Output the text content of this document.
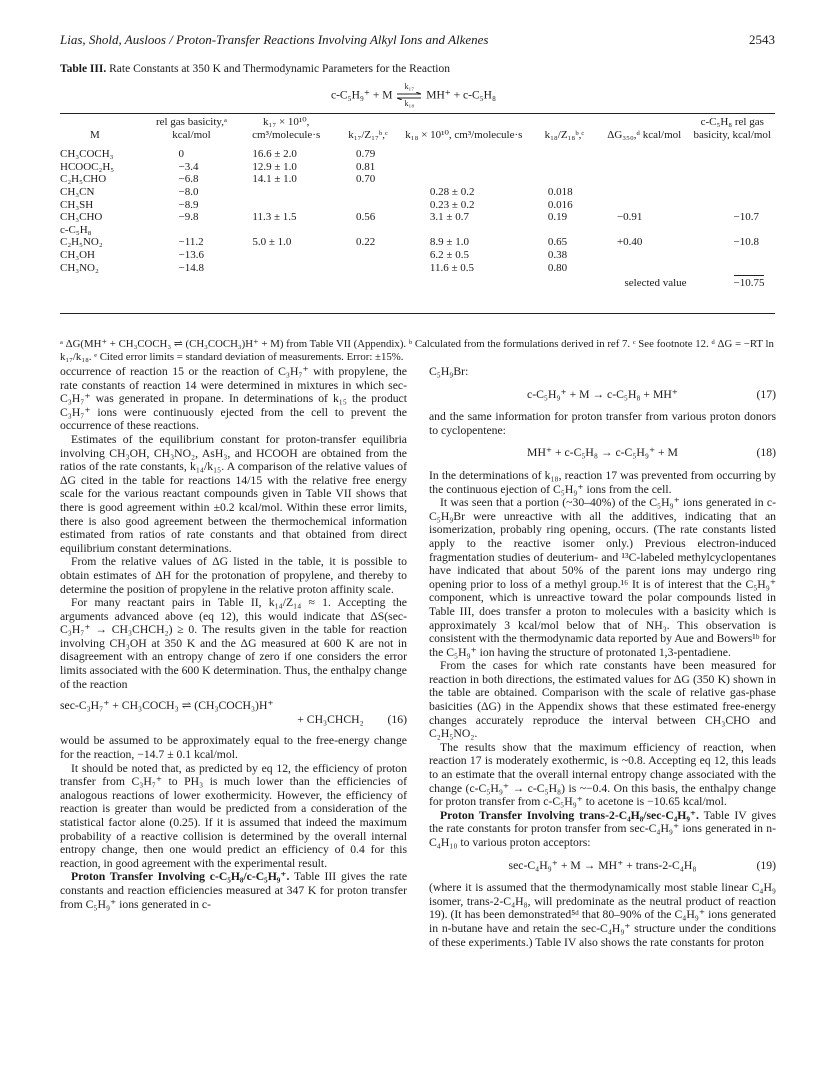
Lias, Shold, Ausloos / Proton-Transfer Reactions Involving Alkyl Ions and Alkenes	2543
Table III. Rate Constants at 350 K and Thermodynamic Parameters for the Reaction
c-C₅H₉⁺ + M
k₁₇
k₁₈
MH⁺ + c-C₅H₈
M	rel gas basicity,ᵃ kcal/mol	k₁₇ × 10¹⁰, cm³/molecule·s	k₁₇/Z₁₇ᵇ,ᶜ	k₁₈ × 10¹⁰, cm³/molecule·s	k₁₈/Z₁₈ᵇ,ᶜ	ΔG₃₅₀,ᵈ kcal/mol	c-C₅H₈ rel gas basicity, kcal/mol
CH₃COCH₃	0	16.6 ± 2.0	0.79				
HCOOC₂H₅	−3.4	12.9 ± 1.0	0.81				
C₂H₅CHO	−6.8	14.1 ± 1.0	0.70				
CH₃CN	−8.0			0.28 ± 0.2	0.018		
CH₃SH	−8.9			0.23 ± 0.2	0.016		
CH₃CHO	−9.8	11.3 ± 1.5	0.56	3.1 ± 0.7	0.19	−0.91	−10.7
c-C₅H₈							
C₂H₅NO₂	−11.2	5.0 ± 1.0	0.22	8.9 ± 1.0	0.65	+0.40	−10.8
CH₃OH	−13.6			6.2 ± 0.5	0.38		
CH₃NO₂	−14.8			11.6 ± 0.5	0.80		
selected value							−10.75
ᵃ ΔG(MH⁺ + CH₃COCH₃ ⇌ (CH₃COCH₃)H⁺ + M) from Table VII (Appendix). ᵇ Calculated from the formulations derived in ref 7. ᶜ See footnote 12. ᵈ ΔG = −RT ln k₁₇/k₁₈. ᵉ Cited error limits = standard deviation of measurements. Error: ±15%.

occurrence of reaction 15 or the reaction of C₃H₇⁺ with propylene, the rate constants of reaction 14 were determined in mixtures in which sec-C₃H₇⁺ was generated in propane. In determinations of k₁₅ the product C₃H₇⁺ ions were continuously ejected from the cell to prevent the occurrence of these reactions.

Estimates of the equilibrium constant for proton-transfer equilibria involving CH₃OH, CH₃NO₂, AsH₃, and HCOOH are obtained from the ratios of the rate constants, k₁₄/k₁₅. A comparison of the relative values of ΔG cited in the table for reactions 14/15 with the relative free energy scale for the various reactant compounds given in Table VII shows that there is good agreement within ±0.2 kcal/mol. Within these error limits, there is also good agreement between the thermochemical information estimated from ratios of rate constants and that obtained from direct equilibrium constant determinations.

From the relative values of ΔG listed in the table, it is possible to obtain estimates of ΔH for the protonation of propylene, and thereby to determine the position of propylene in the relative proton affinity scale.

For many reactant pairs in Table II, k₁₄/Z₁₄ ≈ 1. Accepting the arguments advanced above (eq 12), this would indicate that ΔS(sec-C₃H₇⁺ → CH₃CHCH₂) ≥ 0. The results given in the table for reaction involving CH₃OH at 350 K and the ΔG measured at 600 K are not in disagreement with an entropy change of zero if one considers the error limits associated with the 600 K determination. Thus, the enthalpy change of the reaction

sec-C₃H₇⁺ + CH₃COCH₃ ⇌ (CH₃COCH₃)H⁺
+ CH₃CHCH₂ (16)

would be assumed to be approximately equal to the free-energy change for the reaction, −14.7 ± 0.1 kcal/mol.

It should be noted that, as predicted by eq 12, the efficiency of proton transfer from C₃H₇⁺ to PH₃ is much lower than the efficiencies of analogous reactions of lower exothermicity. However, the efficiency of reaction is greater than would be predicted from a consideration of the statistical factor alone (0.25). If it is assumed that indeed the maximum probability of a reactive collision is determined by the overall internal entropy change, then one would predict an efficiency of 0.4 for this reaction, in good agreement with the experimental result.

Proton Transfer Involving c-C₅H₈/c-C₅H₉⁺. Table III gives the rate constants and reaction efficiencies measured at 347 K for proton transfer from C₅H₉⁺ ions generated in c-

C₅H₉Br:

c-C₅H₉⁺ + M → c-C₅H₈ + MH⁺	(17)

and the same information for proton transfer from various proton donors to cyclopentene:

MH⁺ + c-C₅H₈ → c-C₅H₉⁺ + M	(18)

In the determinations of k₁₈, reaction 17 was prevented from occurring by the continuous ejection of C₅H₉⁺ ions from the cell.

It was seen that a portion (~30–40%) of the C₅H₉⁺ ions generated in c-C₅H₉Br were unreactive with all the additives, indicating that an isomerization, probably ring opening, occurs. (The rate constants listed apply to the reactive isomer only.) Previous electron-induced fragmentation studies of deuterium- and ¹³C-labeled methylcyclopentanes have indicated that about 50% of the parent ions may undergo ring opening prior to loss of a methyl group.¹⁶ It is of interest that the C₅H₉⁺ component, which is unreactive toward the polar compounds listed in Table III, does transfer a proton to molecules with a basicity which is approximately 3 kcal/mol below that of NH₃. This observation is consistent with the thermodynamic data reported by Aue and Bowers¹ᵇ for the C₅H₉⁺ ion having the structure of protonated 1,3-pentadiene.

From the cases for which rate constants have been measured for reaction in both directions, the estimated values for ΔG (350 K) shown in the table are obtained. Comparison with the scale of relative gas-phase basicities (ΔG) in the Appendix shows that these estimated free-energy changes accurately reproduce the interval between CH₃CHO and C₂H₅NO₂.

The results show that the maximum efficiency of reaction, when reaction 17 is moderately exothermic, is ~0.8. Accepting eq 12, this leads to an estimate that the overall internal entropy change associated with the change (c-C₅H₉⁺ → c-C₅H₈) is ~−0.4. On this basis, the enthalpy change for proton transfer from c-C₅H₉⁺ to acetone is −10.65 kcal/mol.

Proton Transfer Involving trans-2-C₄H₈/sec-C₄H₉⁺. Table IV gives the rate constants for proton transfer from sec-C₄H₉⁺ ions generated in n-C₄H₁₀ to various proton acceptors:

sec-C₄H₉⁺ + M → MH⁺ + trans-2-C₄H₈	(19)

(where it is assumed that the thermodynamically most stable linear C₄H₉ isomer, trans-2-C₄H₈, will predominate as the neutral product of reaction 19). (It has been demonstrated⁵ᵈ that 80–90% of the C₄H₉⁺ ions generated in n-butane have and retain the sec-C₄H₉⁺ structure under the conditions of these experiments.) Table IV also shows the rate constants for proton
